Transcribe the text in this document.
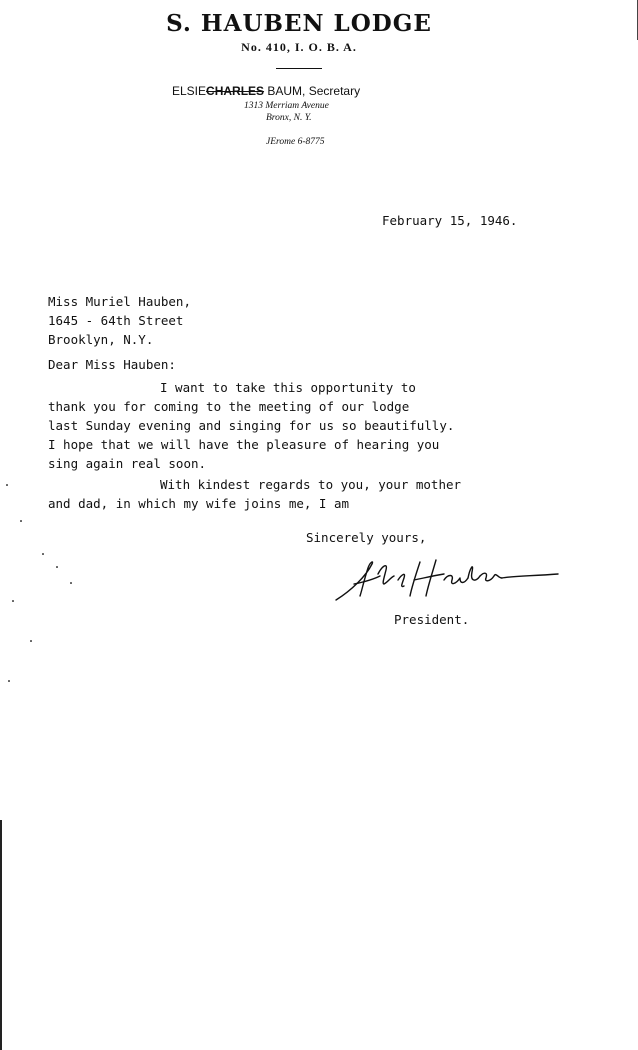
S. HAUBEN LODGE
No. 410, I. O. B. A.
ELSIECHARLES BAUM, Secretary
1313 Merriam Avenue
Bronx, N. Y.
JErome 6-8775
February 15, 1946.
Miss Muriel Hauben,
1645 - 64th Street
Brooklyn, N.Y.
Dear Miss Hauben:
I want to take this opportunity to
thank you for coming to the meeting of our lodge
last Sunday evening and singing for us so beautifully.
I hope that we will have the pleasure of hearing you
sing again real soon.
With kindest regards to you, your mother
and dad, in which my wife joins me, I am
Sincerely yours,
President.
